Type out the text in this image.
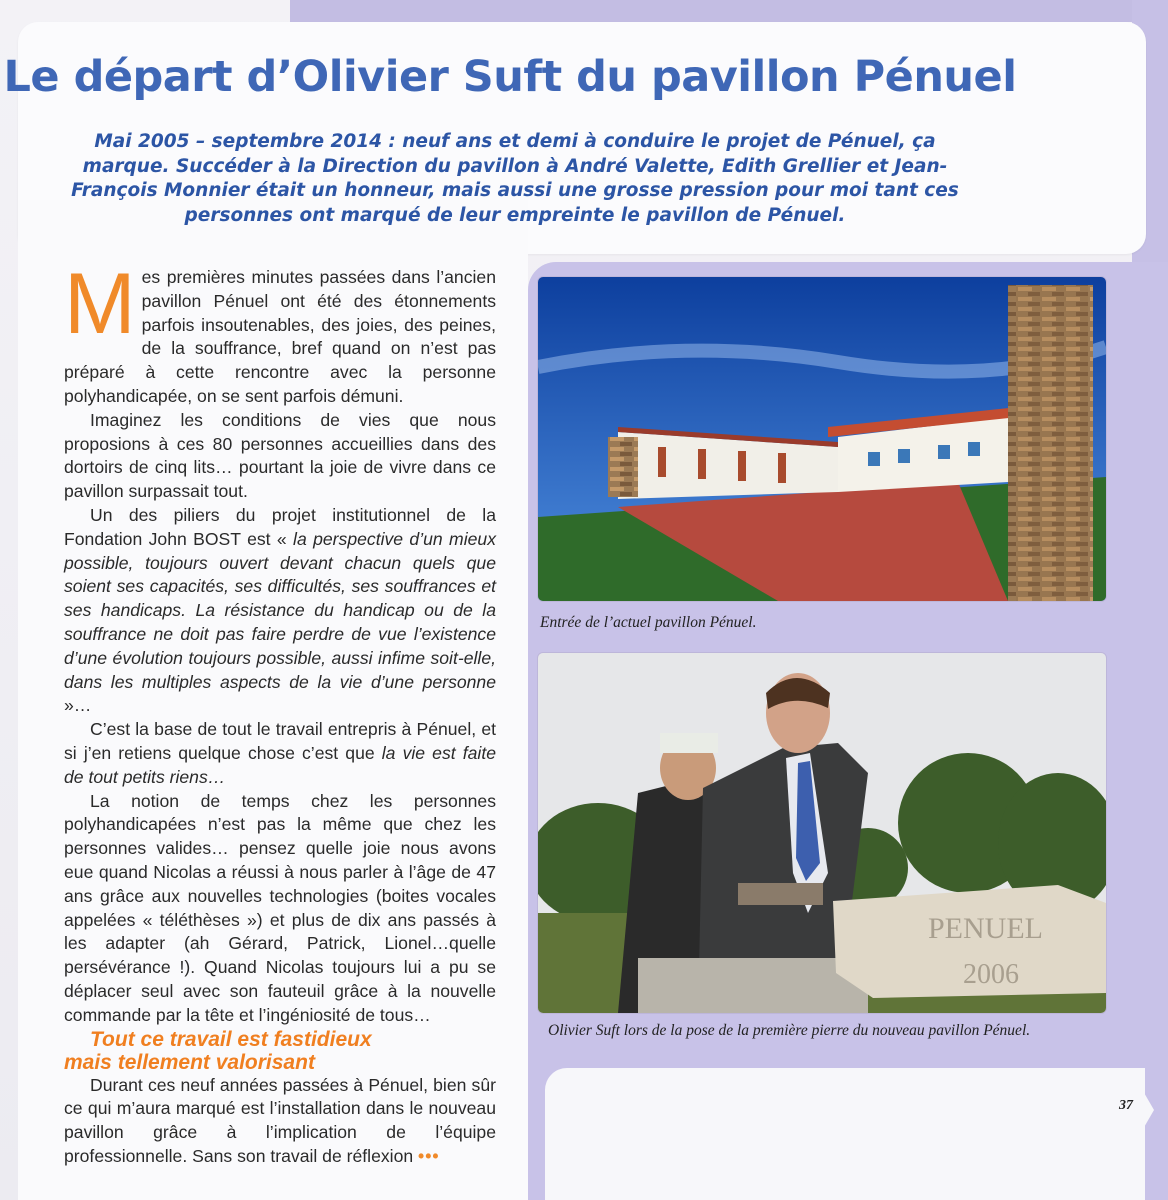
Le départ d’Olivier Suft du pavillon Pénuel

Mai 2005 – septembre 2014 : neuf ans et demi à conduire le projet de Pénuel, ça marque. Succéder à la Direction du pavillon à André Valette, Edith Grellier et Jean-François Monnier était un honneur, mais aussi une grosse pression pour moi tant ces personnes ont marqué de leur empreinte le pavillon de Pénuel.

Mes premières minutes passées dans l’ancien pavillon Pénuel ont été des étonnements parfois insoutenables, des joies, des peines, de la souffrance, bref quand on n’est pas préparé à cette rencontre avec la personne polyhandicapée, on se sent parfois démuni.

Imaginez les conditions de vies que nous proposions à ces 80 personnes accueillies dans des dortoirs de cinq lits… pourtant la joie de vivre dans ce pavillon surpassait tout.

Un des piliers du projet institutionnel de la Fondation John BOST est « la perspective d’un mieux possible, toujours ouvert devant chacun quels que soient ses capacités, ses difficultés, ses souffrances et ses handicaps. La résistance du handicap ou de la souffrance ne doit pas faire perdre de vue l’existence d’une évolution toujours possible, aussi infime soit-elle, dans les multiples aspects de la vie d’une personne »…

C’est la base de tout le travail entrepris à Pénuel, et si j’en retiens quelque chose c’est que la vie est faite de tout petits riens…

La notion de temps chez les personnes polyhandicapées n’est pas la même que chez les personnes valides… pensez quelle joie nous avons eue quand Nicolas a réussi à nous parler à l’âge de 47 ans grâce aux nouvelles technologies (boites vocales appelées « téléthèses ») et plus de dix ans passés à les adapter (ah Gérard, Patrick, Lionel…quelle persévérance !). Quand Nicolas toujours lui a pu se déplacer seul avec son fauteuil grâce à la nouvelle commande par la tête et l’ingéniosité de tous…

Tout ce travail est fastidieux
mais tellement valorisant

Durant ces neuf années passées à Pénuel, bien sûr ce qui m’aura marqué est l’installation dans le nouveau pavillon grâce à l’implication de l’équipe professionnelle. Sans son travail de réflexion •••

Entrée de l’actuel pavillon Pénuel.
PENUEL
2006
Olivier Suft lors de la pose de la première pierre du nouveau pavillon Pénuel.
37
